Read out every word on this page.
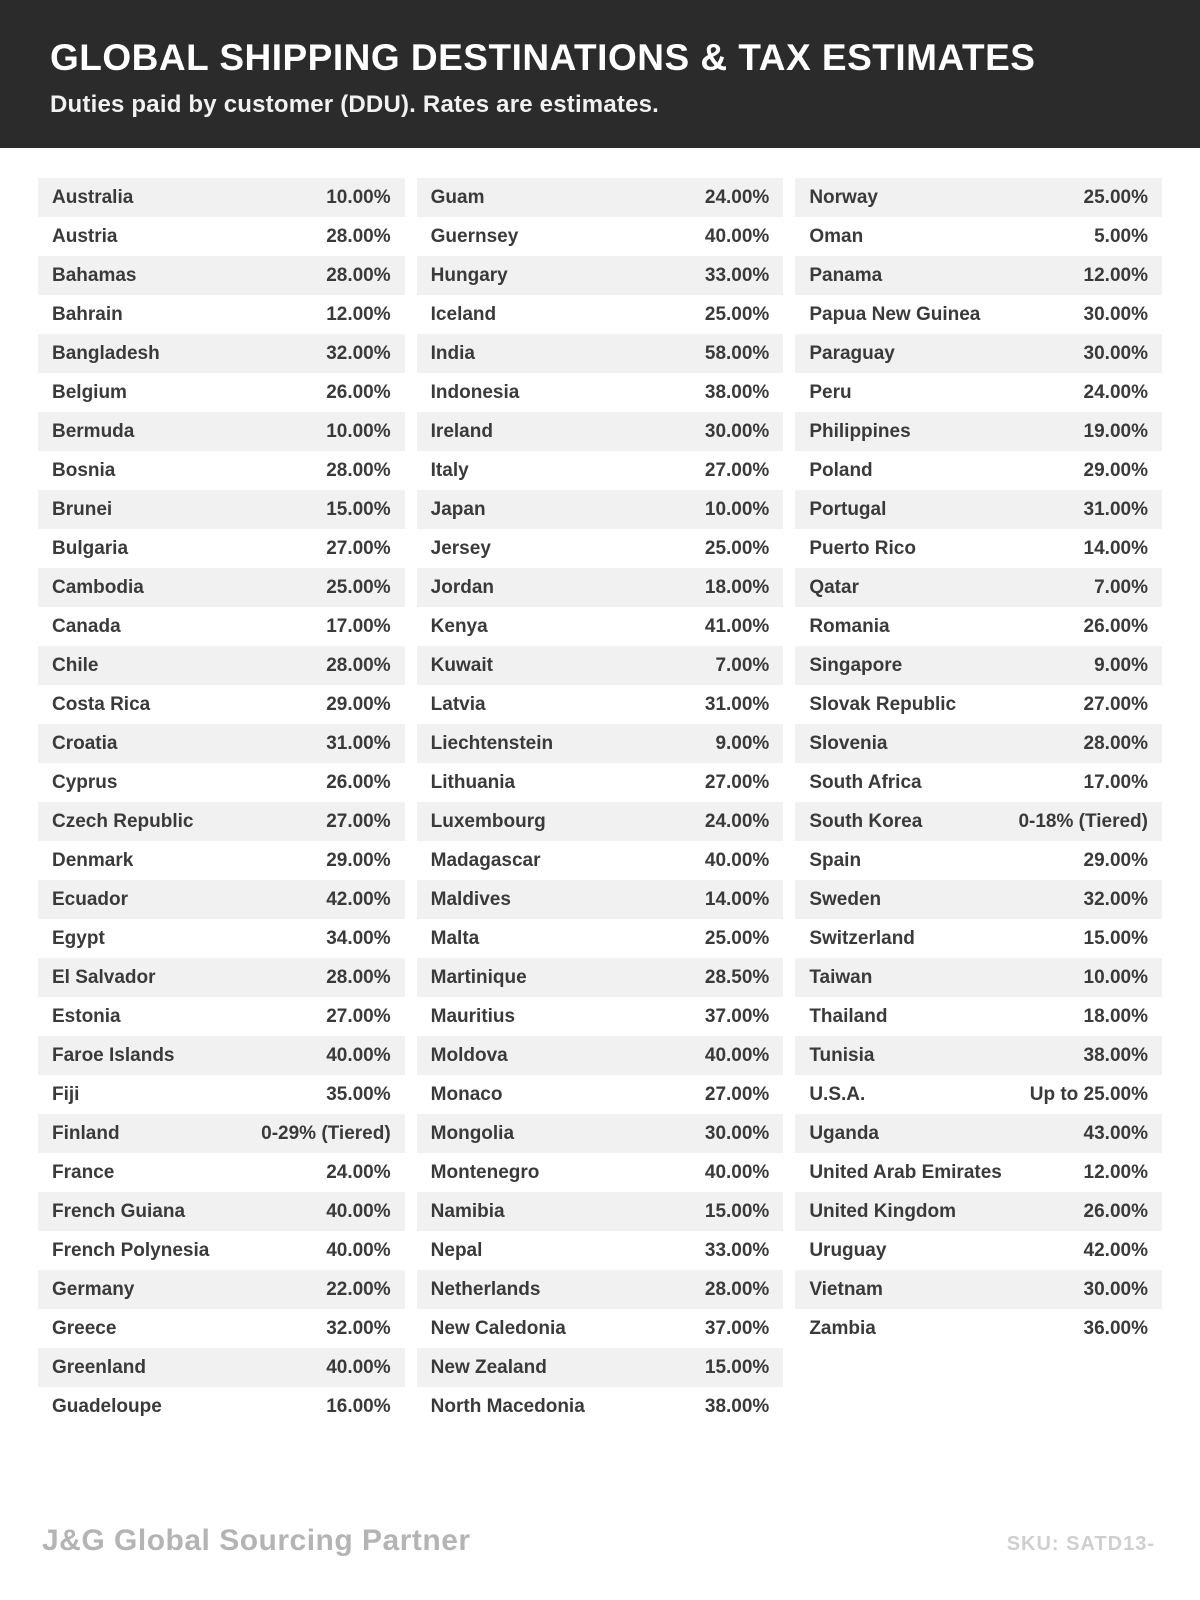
GLOBAL SHIPPING DESTINATIONS & TAX ESTIMATES
Duties paid by customer (DDU). Rates are estimates.
Australia	10.00%
Austria	28.00%
Bahamas	28.00%
Bahrain	12.00%
Bangladesh	32.00%
Belgium	26.00%
Bermuda	10.00%
Bosnia	28.00%
Brunei	15.00%
Bulgaria	27.00%
Cambodia	25.00%
Canada	17.00%
Chile	28.00%
Costa Rica	29.00%
Croatia	31.00%
Cyprus	26.00%
Czech Republic	27.00%
Denmark	29.00%
Ecuador	42.00%
Egypt	34.00%
El Salvador	28.00%
Estonia	27.00%
Faroe Islands	40.00%
Fiji	35.00%
Finland	0-29% (Tiered)
France	24.00%
French Guiana	40.00%
French Polynesia	40.00%
Germany	22.00%
Greece	32.00%
Greenland	40.00%
Guadeloupe	16.00%
Guam	24.00%
Guernsey	40.00%
Hungary	33.00%
Iceland	25.00%
India	58.00%
Indonesia	38.00%
Ireland	30.00%
Italy	27.00%
Japan	10.00%
Jersey	25.00%
Jordan	18.00%
Kenya	41.00%
Kuwait	7.00%
Latvia	31.00%
Liechtenstein	9.00%
Lithuania	27.00%
Luxembourg	24.00%
Madagascar	40.00%
Maldives	14.00%
Malta	25.00%
Martinique	28.50%
Mauritius	37.00%
Moldova	40.00%
Monaco	27.00%
Mongolia	30.00%
Montenegro	40.00%
Namibia	15.00%
Nepal	33.00%
Netherlands	28.00%
New Caledonia	37.00%
New Zealand	15.00%
North Macedonia	38.00%
Norway	25.00%
Oman	5.00%
Panama	12.00%
Papua New Guinea	30.00%
Paraguay	30.00%
Peru	24.00%
Philippines	19.00%
Poland	29.00%
Portugal	31.00%
Puerto Rico	14.00%
Qatar	7.00%
Romania	26.00%
Singapore	9.00%
Slovak Republic	27.00%
Slovenia	28.00%
South Africa	17.00%
South Korea	0-18% (Tiered)
Spain	29.00%
Sweden	32.00%
Switzerland	15.00%
Taiwan	10.00%
Thailand	18.00%
Tunisia	38.00%
U.S.A.	Up to 25.00%
Uganda	43.00%
United Arab Emirates	12.00%
United Kingdom	26.00%
Uruguay	42.00%
Vietnam	30.00%
Zambia	36.00%
J&G Global Sourcing Partner	SKU: SATD13-
